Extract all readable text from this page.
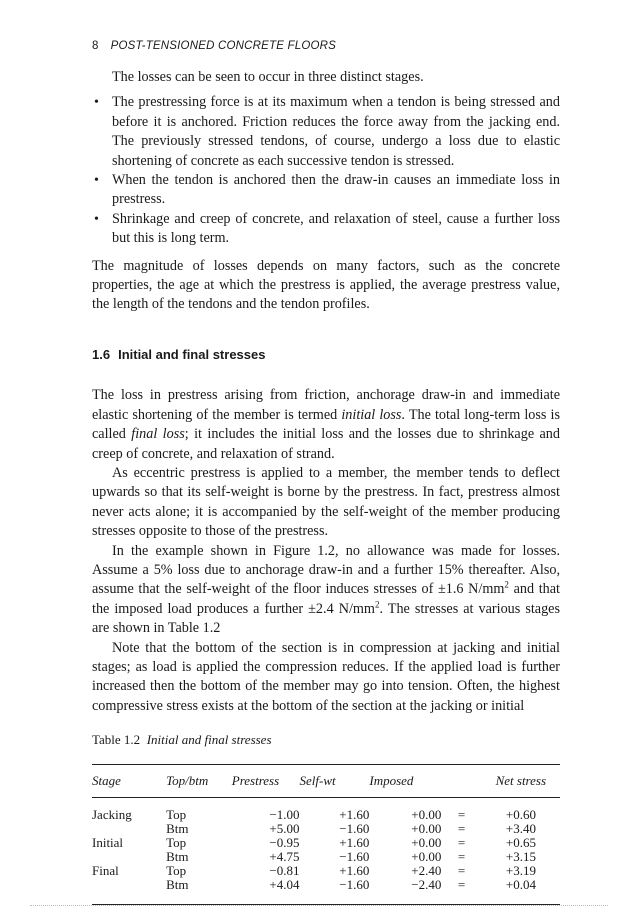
8 POST-TENSIONED CONCRETE FLOORS

The losses can be seen to occur in three distinct stages.

• The prestressing force is at its maximum when a tendon is being stressed and before it is anchored. Friction reduces the force away from the jacking end. The previously stressed tendons, of course, undergo a loss due to elastic shortening of concrete as each successive tendon is stressed.
• When the tendon is anchored then the draw-in causes an immediate loss in prestress.
• Shrinkage and creep of concrete, and relaxation of steel, cause a further loss but this is long term.

The magnitude of losses depends on many factors, such as the concrete properties, the age at which the prestress is applied, the average prestress value, the length of the tendons and the tendon profiles.

1.6 Initial and final stresses

The loss in prestress arising from friction, anchorage draw-in and immediate elastic shortening of the member is termed initial loss. The total long-term loss is called final loss; it includes the initial loss and the losses due to shrinkage and creep of concrete, and relaxation of strand.

As eccentric prestress is applied to a member, the member tends to deflect upwards so that its self-weight is borne by the prestress. In fact, prestress almost never acts alone; it is accompanied by the self-weight of the member producing stresses opposite to those of the prestress.

In the example shown in Figure 1.2, no allowance was made for losses. Assume a 5% loss due to anchorage draw-in and a further 15% thereafter. Also, assume that the self-weight of the floor induces stresses of ±1.6 $N/mm^2$ and that the imposed load produces a further ±2.4 $N/mm^2$. The stresses at various stages are shown in Table 1.2

Note that the bottom of the section is in compression at jacking and initial stages; as load is applied the compression reduces. If the applied load is further increased then the bottom of the member may go into tension. Often, the highest compressive stress exists at the bottom of the section at the jacking or initial

Table 1.2 Initial and final stresses
Stage	Top/btm	Prestress	Self-wt	Imposed		Net stress
Jacking	Top	−1.00	+1.60	+0.00	=	+0.60
	Btm	+5.00	−1.60	+0.00	=	+3.40
Initial	Top	−0.95	+1.60	+0.00	=	+0.65
	Btm	+4.75	−1.60	+0.00	=	+3.15
Final	Top	−0.81	+1.60	+2.40	=	+3.19
	Btm	+4.04	−1.60	−2.40	=	+0.04
